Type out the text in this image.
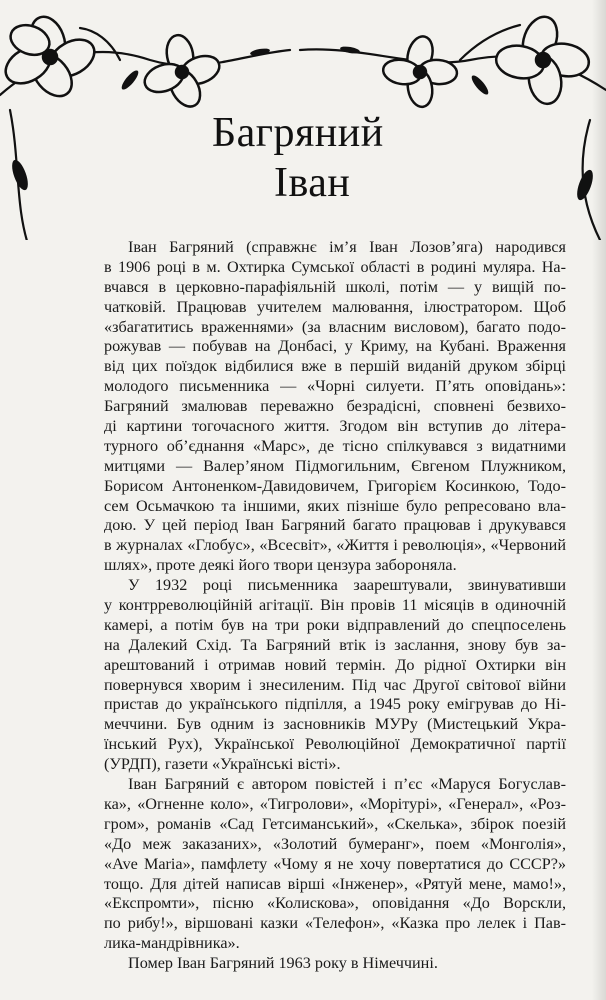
Багряний
Іван
Іван Багряний (справжнє ім’я Іван Лозов’яга) народився
в 1906 році в м. Охтирка Сумської області в родині муляра. На-
вчався в церковно-парафіяльній школі, потім — у вищій по-
чатковій. Працював учителем малювання, ілюстратором. Щоб
«збагатитись враженнями» (за власним висловом), багато подо-
рожував — побував на Донбасі, у Криму, на Кубані. Враження
від цих поїздок відбилися вже в першій виданій друком збірці
молодого письменника — «Чорні силуети. П’ять оповідань»:
Багряний змалював переважно безрадісні, сповнені безвихо-
ді картини тогочасного життя. Згодом він вступив до літера-
турного об’єднання «Марс», де тісно спілкувався з видатними
митцями — Валер’яном Підмогильним, Євгеном Плужником,
Борисом Антоненком-Давидовичем, Григорієм Косинкою, Тодо-
сем Осьмачкою та іншими, яких пізніше було репресовано вла-
дою. У цей період Іван Багряний багато працював і друкувався
в журналах «Глобус», «Всесвіт», «Життя і революція», «Червоний
шлях», проте деякі його твори цензура забороняла.
У 1932 році письменника заарештували, звинувативши
у контрреволюційній агітації. Він провів 11 місяців в одиночній
камері, а потім був на три роки відправлений до спецпоселень
на Далекий Схід. Та Багряний втік із заслання, знову був за-
арештований і отримав новий термін. До рідної Охтирки він
повернувся хворим і знесиленим. Під час Другої світової війни
пристав до українського підпілля, а 1945 року емігрував до Ні-
меччини. Був одним із засновників МУРу (Мистецький Укра-
їнський Рух), Української Революційної Демократичної партії
(УРДП), газети «Українські вісті».
Іван Багряний є автором повістей і п’єс «Маруся Богуслав-
ка», «Огненне коло», «Тигролови», «Морітурі», «Генерал», «Роз-
гром», романів «Сад Гетсиманський», «Скелька», збірок поезій
«До меж заказаних», «Золотий бумеранг», поем «Монголія»,
«Ave Maria», памфлету «Чому я не хочу повертатися до СССР?»
тощо. Для дітей написав вірші «Інженер», «Рятуй мене, мамо!»,
«Експромти», пісню «Колискова», оповідання «До Ворскли,
по рибу!», віршовані казки «Телефон», «Казка про лелек і Пав-
лика-мандрівника».
Помер Іван Багряний 1963 року в Німеччині.
